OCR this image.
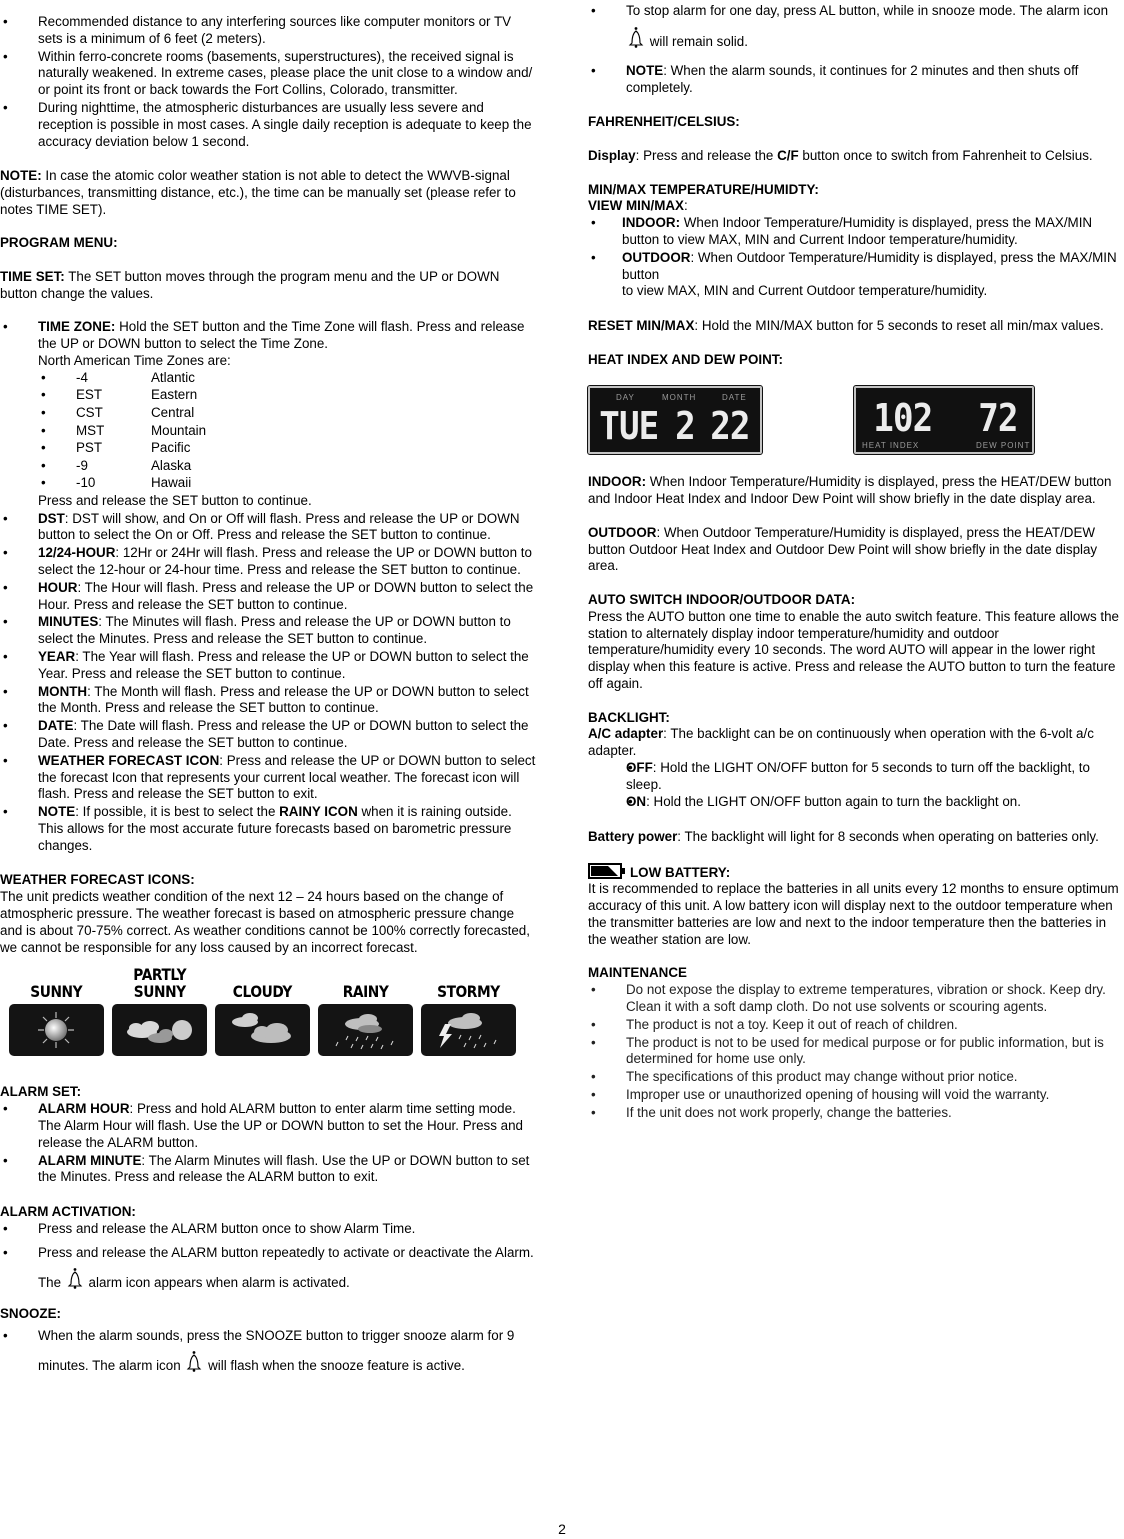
• Recommended distance to any interfering sources like computer monitors or TV sets is a minimum of 6 feet (2 meters).
• Within ferro-concrete rooms (basements, superstructures), the received signal is naturally weakened. In extreme cases, please place the unit close to a window and/ or point its front or back towards the Fort Collins, Colorado, transmitter.
• During nighttime, the atmospheric disturbances are usually less severe and reception is possible in most cases. A single daily reception is adequate to keep the accuracy deviation below 1 second.

NOTE: In case the atomic color weather station is not able to detect the WWVB-signal (disturbances, transmitting distance, etc.), the time can be manually set (please refer to notes TIME SET).

PROGRAM MENU:

TIME SET: The SET button moves through the program menu and the UP or DOWN button change the values.

• TIME ZONE: Hold the SET button and the Time Zone will flash. Press and release the UP or DOWN button to select the Time Zone.
North American Time Zones are:
• -4	Atlantic
• EST	Eastern
• CST	Central
• MST	Mountain
• PST	Pacific
• -9	Alaska
• -10	Hawaii
Press and release the SET button to continue.
• DST: DST will show, and On or Off will flash. Press and release the UP or DOWN button to select the On or Off. Press and release the SET button to continue.
• 12/24-HOUR: 12Hr or 24Hr will flash. Press and release the UP or DOWN button to select the 12-hour or 24-hour time. Press and release the SET button to continue.
• HOUR: The Hour will flash. Press and release the UP or DOWN button to select the Hour. Press and release the SET button to continue.
• MINUTES: The Minutes will flash. Press and release the UP or DOWN button to select the Minutes. Press and release the SET button to continue.
• YEAR: The Year will flash. Press and release the UP or DOWN button to select the Year. Press and release the SET button to continue.
• MONTH: The Month will flash. Press and release the UP or DOWN button to select the Month. Press and release the SET button to continue.
• DATE: The Date will flash. Press and release the UP or DOWN button to select the Date. Press and release the SET button to continue.
• WEATHER FORECAST ICON: Press and release the UP or DOWN button to select the forecast Icon that represents your current local weather. The forecast icon will flash. Press and release the SET button to exit.
• NOTE: If possible, it is best to select the RAINY ICON when it is raining outside. This allows for the most accurate future forecasts based on barometric pressure changes.

WEATHER FORECAST ICONS:

The unit predicts weather condition of the next 12 – 24 hours based on the change of atmospheric pressure. The weather forecast is based on atmospheric pressure change and is about 70-75% correct. As weather conditions cannot be 100% correctly forecasted, we cannot be responsible for any loss caused by an incorrect forecast.

SUNNY
PARTLY
SUNNY	CLOUDY	RAINY	STORMY

ALARM SET:

• ALARM HOUR: Press and hold ALARM button to enter alarm time setting mode. The Alarm Hour will flash. Use the UP or DOWN button to set the Hour. Press and release the ALARM button.
• ALARM MINUTE: The Alarm Minutes will flash. Use the UP or DOWN button to set the Minutes. Press and release the ALARM button to exit.

ALARM ACTIVATION:

• Press and release the ALARM button once to show Alarm Time.
• Press and release the ALARM button repeatedly to activate or deactivate the Alarm. The  alarm icon appears when alarm is activated.

SNOOZE:

• When the alarm sounds, press the SNOOZE button to trigger snooze alarm for 9 minutes. The alarm icon  will flash when the snooze feature is active.
• To stop alarm for one day, press AL button, while in snooze mode. The alarm icon  will remain solid.
• NOTE: When the alarm sounds, it continues for 2 minutes and then shuts off completely.

FAHRENHEIT/CELSIUS:

Display: Press and release the C/F button once to switch from Fahrenheit to Celsius.

MIN/MAX TEMPERATURE/HUMIDTY:

VIEW MIN/MAX:

• INDOOR: When Indoor Temperature/Humidity is displayed, press the MAX/MIN button to view MAX, MIN and Current Indoor temperature/humidity.
• OUTDOOR: When Outdoor Temperature/Humidity is displayed, press the MAX/MIN button
to view MAX, MIN and Current Outdoor temperature/humidity.

RESET MIN/MAX: Hold the MIN/MAX button for 5 seconds to reset all min/max values.

HEAT INDEX AND DEW POINT:

DAY	MONTH	DATE
TUE 2 22	102 72
HEAT INDEX	DEW POINT

INDOOR: When Indoor Temperature/Humidity is displayed, press the HEAT/DEW button and Indoor Heat Index and Indoor Dew Point will show briefly in the date display area.

OUTDOOR: When Outdoor Temperature/Humidity is displayed, press the HEAT/DEW button Outdoor Heat Index and Outdoor Dew Point will show briefly in the date display area.

AUTO SWITCH INDOOR/OUTDOOR DATA:

Press the AUTO button one time to enable the auto switch feature. This feature allows the station to alternately display indoor temperature/humidity and outdoor temperature/humidity every 10 seconds. The word AUTO will appear in the lower right display when this feature is active. Press and release the AUTO button to turn the feature off again.

BACKLIGHT:

A/C adapter: The backlight can be on continuously when operation with the 6-volt a/c adapter.

• OFF: Hold the LIGHT ON/OFF button for 5 seconds to turn off the backlight, to sleep.
• ON: Hold the LIGHT ON/OFF button again to turn the backlight on.

Battery power: The backlight will light for 8 seconds when operating on batteries only.

LOW BATTERY:

It is recommended to replace the batteries in all units every 12 months to ensure optimum accuracy of this unit. A low battery icon will display next to the outdoor temperature when the transmitter batteries are low and next to the indoor temperature then the batteries in the weather station are low.

MAINTENANCE

• Do not expose the display to extreme temperatures, vibration or shock. Keep dry.
Clean it with a soft damp cloth. Do not use solvents or scouring agents.
• The product is not a toy. Keep it out of reach of children.
• The product is not to be used for medical purpose or for public information, but is determined for home use only.
• The specifications of this product may change without prior notice.
• Improper use or unauthorized opening of housing will void the warranty.
• If the unit does not work properly, change the batteries.
2
